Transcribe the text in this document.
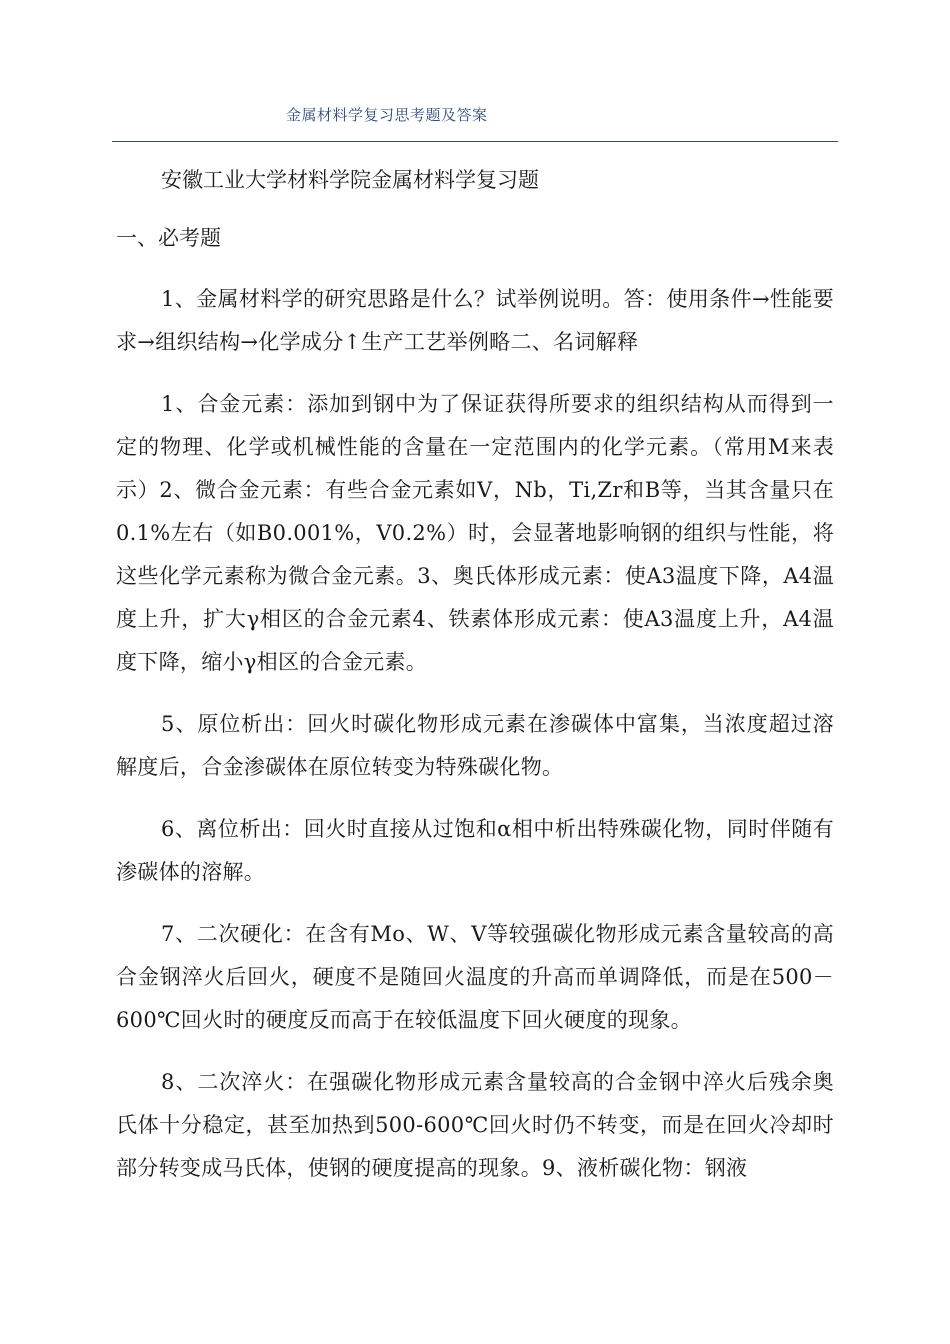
金属材料学复习思考题及答案
安徽工业大学材料学院金属材料学复习题
一、必考题

1、金属材料学的研究思路是什么？试举例说明。答：使用条件→性能要求→组织结构→化学成分↑生产工艺举例略二、名词解释

1、合金元素：添加到钢中为了保证获得所要求的组织结构从而得到一定的物理、化学或机械性能的含量在一定范围内的化学元素。（常用M来表示）2、微合金元素：有些合金元素如V，Nb，Ti,Zr和B等，当其含量只在0.1%左右（如B0.001%，V0.2%）时，会显著地影响钢的组织与性能，将这些化学元素称为微合金元素。3、奥氏体形成元素：使A3温度下降，A4温度上升，扩大γ相区的合金元素4、铁素体形成元素：使A3温度上升，A4温度下降，缩小γ相区的合金元素。

5、原位析出：回火时碳化物形成元素在渗碳体中富集，当浓度超过溶解度后，合金渗碳体在原位转变为特殊碳化物。

6、离位析出：回火时直接从过饱和α相中析出特殊碳化物，同时伴随有渗碳体的溶解。

7、二次硬化：在含有Mo、W、V等较强碳化物形成元素含量较高的高合金钢淬火后回火，硬度不是随回火温度的升高而单调降低，而是在500－600℃回火时的硬度反而高于在较低温度下回火硬度的现象。

8、二次淬火：在强碳化物形成元素含量较高的合金钢中淬火后残余奥氏体十分稳定，甚至加热到500-600℃回火时仍不转变，而是在回火冷却时部分转变成马氏体，使钢的硬度提高的现象。9、液析碳化物：钢液
